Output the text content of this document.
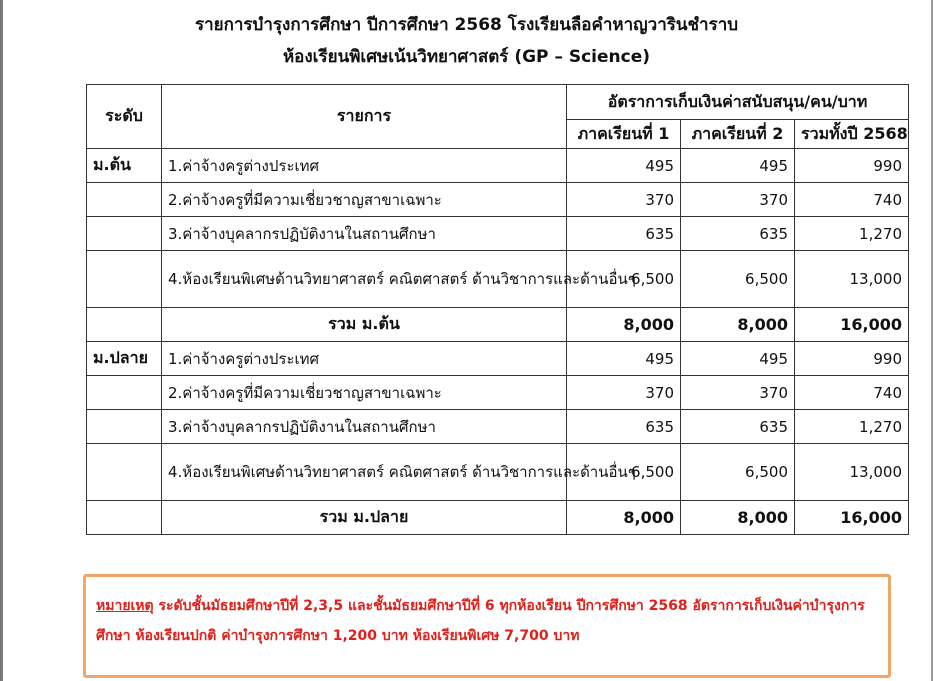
รายการบำรุงการศึกษา ปีการศึกษา 2568 โรงเรียนลือคำหาญวารินชำราบ
ห้องเรียนพิเศษเน้นวิทยาศาสตร์ (GP – Science)
ระดับ	รายการ	อัตราการเก็บเงินค่าสนับสนุน/คน/บาท		
		ภาคเรียนที่ 1	ภาคเรียนที่ 2	รวมทั้งปี 2568
ม.ต้น	1.ค่าจ้างครูต่างประเทศ	495	495	990
	2.ค่าจ้างครูที่มีความเชี่ยวชาญสาขาเฉพาะ	370	370	740
	3.ค่าจ้างบุคลากรปฏิบัติงานในสถานศึกษา	635	635	1,270
	4.ห้องเรียนพิเศษด้านวิทยาศาสตร์ คณิตศาสตร์ ด้านวิชาการและด้านอื่นๆ	6,500	6,500	13,000
	รวม ม.ต้น	8,000	8,000	16,000
ม.ปลาย	1.ค่าจ้างครูต่างประเทศ	495	495	990
	2.ค่าจ้างครูที่มีความเชี่ยวชาญสาขาเฉพาะ	370	370	740
	3.ค่าจ้างบุคลากรปฏิบัติงานในสถานศึกษา	635	635	1,270
	4.ห้องเรียนพิเศษด้านวิทยาศาสตร์ คณิตศาสตร์ ด้านวิชาการและด้านอื่นๆ	6,500	6,500	13,000
	รวม ม.ปลาย	8,000	8,000	16,000
หมายเหตุ ระดับชั้นมัธยมศึกษาปีที่ 2,3,5 และชั้นมัธยมศึกษาปีที่ 6 ทุกห้องเรียน ปีการศึกษา 2568 อัตราการเก็บเงินค่าบำรุงการศึกษา ห้องเรียนปกติ ค่าบำรุงการศึกษา 1,200 บาท ห้องเรียนพิเศษ 7,700 บาท
